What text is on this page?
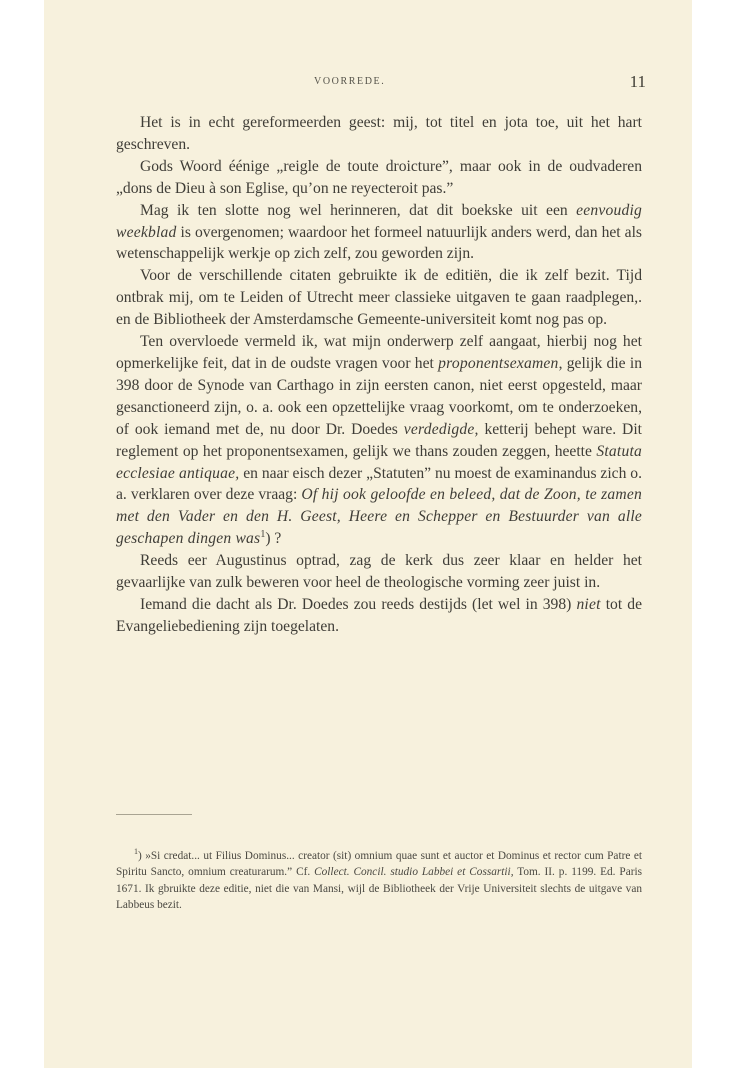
VOORREDE.	11

Het is in echt gereformeerden geest: mij, tot titel en jota toe, uit het hart geschreven.

Gods Woord éénige „reigle de toute droicture”, maar ook in de oudvaderen „dons de Dieu à son Eglise, qu’on ne reyecteroit pas.”

Mag ik ten slotte nog wel herinneren, dat dit boekske uit een eenvoudig weekblad is overgenomen; waardoor het formeel natuurlijk anders werd, dan het als wetenschappelijk werkje op zich zelf, zou geworden zijn.

Voor de verschillende citaten gebruikte ik de editiën, die ik zelf bezit. Tijd ontbrak mij, om te Leiden of Utrecht meer classieke uitgaven te gaan raadplegen,. en de Bibliotheek der Amsterdamsche Gemeente-universiteit komt nog pas op.

Ten overvloede vermeld ik, wat mijn onderwerp zelf aangaat, hierbij nog het opmerkelijke feit, dat in de oudste vragen voor het proponentsexamen, gelijk die in 398 door de Synode van Carthago in zijn eersten canon, niet eerst opgesteld, maar gesanctioneerd zijn, o. a. ook een opzettelijke vraag voorkomt, om te onderzoeken, of ook iemand met de, nu door Dr. Doedes verdedigde, ketterij behept ware. Dit reglement op het proponentsexamen, gelijk we thans zouden zeggen, heette Statuta ecclesiae antiquae, en naar eisch dezer „Statuten” nu moest de examinandus zich o. a. verklaren over deze vraag: Of hij ook geloofde en beleed, dat de Zoon, te zamen met den Vader en den H. Geest, Heere en Schepper en Bestuurder van alle geschapen dingen was$^1$) ?

Reeds eer Augustinus optrad, zag de kerk dus zeer klaar en helder het gevaarlijke van zulk beweren voor heel de theologische vorming zeer juist in.

Iemand die dacht als Dr. Doedes zou reeds destijds (let wel in 398) niet tot de Evangeliebediening zijn toegelaten.

$^1$) »Si credat... ut Filius Dominus... creator (sit) omnium quae sunt et auctor et Dominus et rector cum Patre et Spiritu Sancto, omnium creaturarum.” Cf. Collect. Concil. studio Labbei et Cossartii, Tom. II. p. 1199. Ed. Paris 1671. Ik gbruikte deze editie, niet die van Mansi, wijl de Bibliotheek der Vrije Universiteit slechts de uitgave van Labbeus bezit.
